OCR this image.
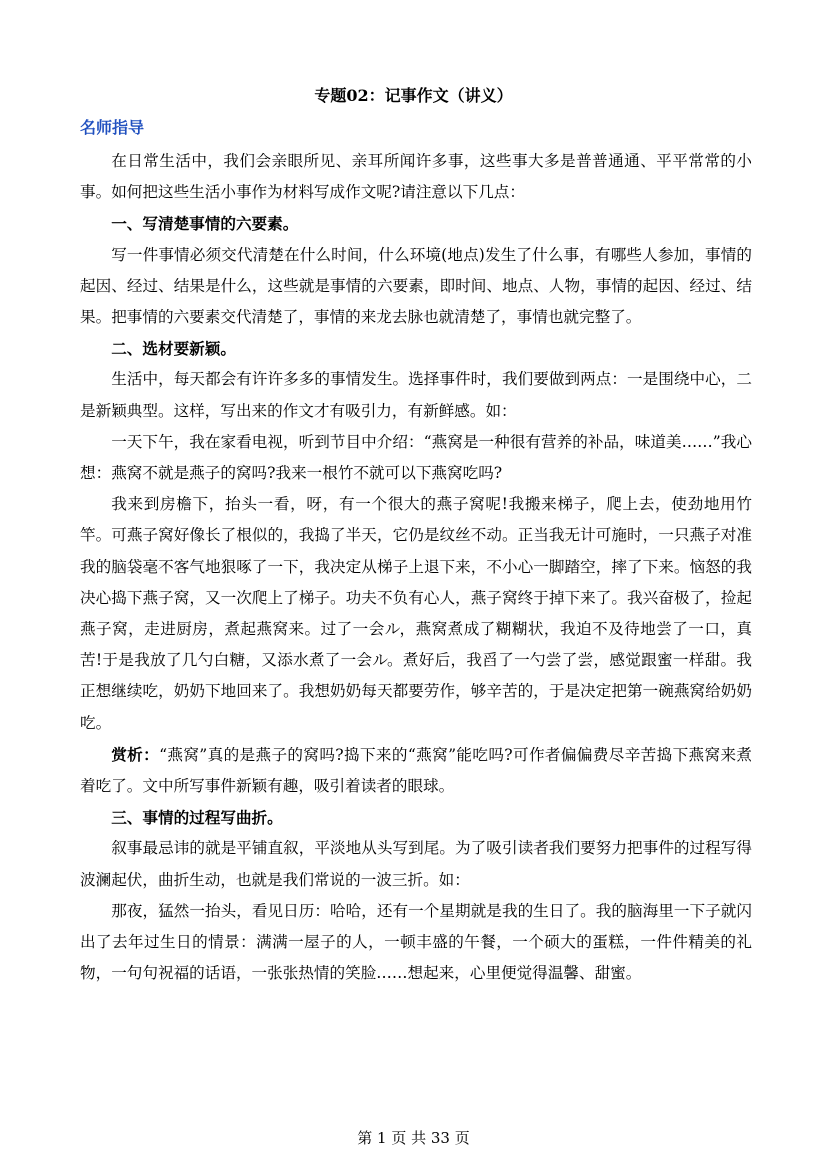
专题02：记事作文（讲义）
名师指导

在日常生活中，我们会亲眼所见、亲耳所闻许多事，这些事大多是普普通通、平平常常的小事。如何把这些生活小事作为材料写成作文呢?请注意以下几点：

一、写清楚事情的六要素。

写一件事情必须交代清楚在什么时间，什么环境(地点)发生了什么事，有哪些人参加，事情的起因、经过、结果是什么，这些就是事情的六要素，即时间、地点、人物，事情的起因、经过、结果。把事情的六要素交代清楚了，事情的来龙去脉也就清楚了，事情也就完整了。

二、选材要新颖。

生活中，每天都会有许许多多的事情发生。选择事件时，我们要做到两点：一是围绕中心，二是新颖典型。这样，写出来的作文才有吸引力，有新鲜感。如：

一天下午，我在家看电视，听到节目中介绍：“燕窝是一种很有营养的补品，味道美……”我心想：燕窝不就是燕子的窝吗?我来一根竹不就可以下燕窝吃吗?

我来到房檐下，抬头一看，呀，有一个很大的燕子窝呢!我搬来梯子，爬上去，使劲地用竹竿。可燕子窝好像长了根似的，我捣了半天，它仍是纹丝不动。正当我无计可施时，一只燕子对准我的脑袋毫不客气地狠啄了一下，我决定从梯子上退下来，不小心一脚踏空，摔了下来。恼怒的我决心捣下燕子窝，又一次爬上了梯子。功夫不负有心人，燕子窝终于掉下来了。我兴奋极了，捡起燕子窝，走进厨房，煮起燕窝来。过了一会ル，燕窝煮成了糊糊状，我迫不及待地尝了一口，真苦!于是我放了几勺白糖，又添水煮了一会ル。煮好后，我舀了一勺尝了尝，感觉跟蜜一样甜。我正想继续吃，奶奶下地回来了。我想奶奶每天都要劳作，够辛苦的，于是决定把第一碗燕窝给奶奶吃。

赏析：“燕窝”真的是燕子的窝吗?捣下来的“燕窝”能吃吗?可作者偏偏费尽辛苦捣下燕窝来煮着吃了。文中所写事件新颖有趣，吸引着读者的眼球。

三、事情的过程写曲折。

叙事最忌讳的就是平铺直叙，平淡地从头写到尾。为了吸引读者我们要努力把事件的过程写得波澜起伏，曲折生动，也就是我们常说的一波三折。如：

那夜，猛然一抬头，看见日历：哈哈，还有一个星期就是我的生日了。我的脑海里一下子就闪出了去年过生日的情景：满满一屋子的人，一顿丰盛的午餐，一个硕大的蛋糕，一件件精美的礼物，一句句祝福的话语，一张张热情的笑脸……想起来，心里便觉得温馨、甜蜜。

第 1 页 共 33 页
